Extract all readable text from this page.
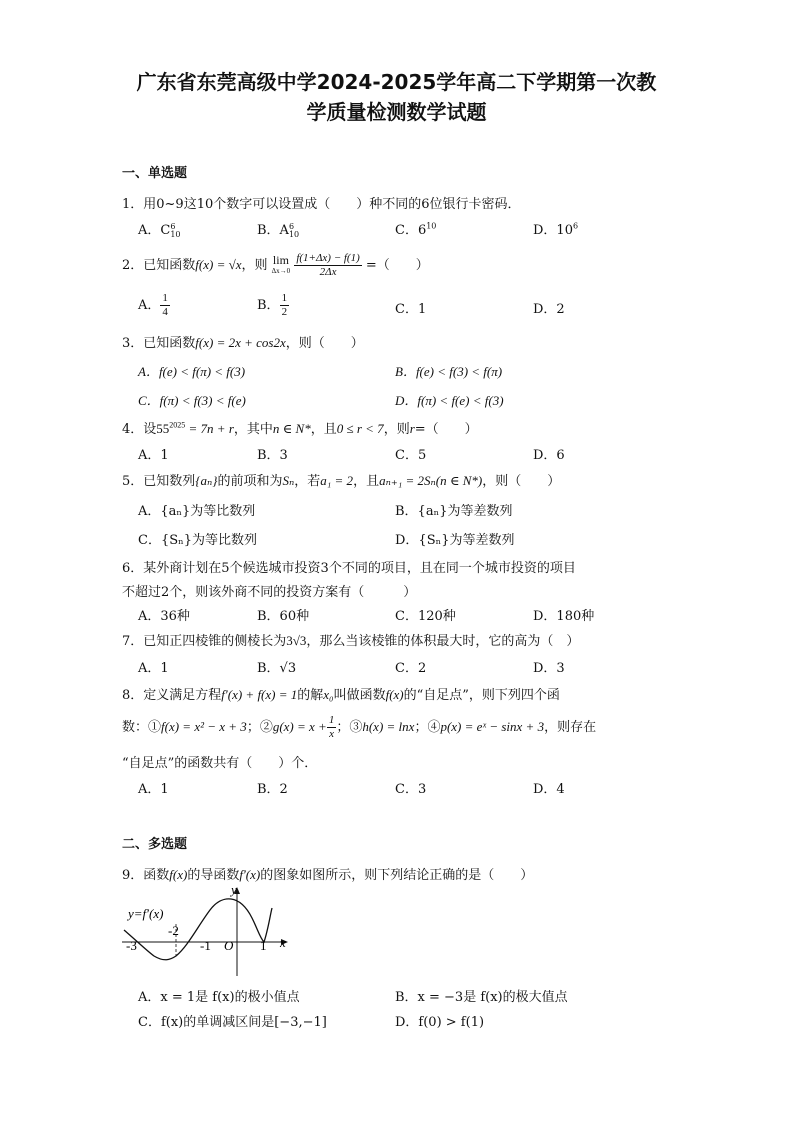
广东省东莞高级中学2024-2025学年高二下学期第一次教
学质量检测数学试题
一、单选题
1．用0~9这10个数字可以设置成（　　）种不同的6位银行卡密码．
A．C 6
10	B．A 6
10	C．$6^{10}$	D．$10^6$
2．已知函数f(x) = √x，则 lim
Δx→0
$\frac{f(1+\Delta x) - f(1)}{2\Delta x}$ =（　　）
A． $\frac{1}{4}$	B． $\frac{1}{2}$	C．1	D．2
3．已知函数f(x) = 2x + cos2x，则（　　）
A．f(e) < f(π) < f(3)	B．f(e) < f(3) < f(π)
C．f(π) < f(3) < f(e)	D．f(π) < f(e) < f(3)
4．设$55^{2025} = 7n + r$，其中n ∈ N*，且0 ≤ r < 7，则r=（　　）
A．1	B．3	C．5	D．6
5．已知数列{aₙ}的前项和为Sₙ，若a₁ = 2，且aₙ₊₁ = 2Sₙ(n ∈ N*)，则（　　）
A．{aₙ}为等比数列	B．{aₙ}为等差数列
C．{Sₙ}为等比数列	D．{Sₙ}为等差数列
6．某外商计划在5个候选城市投资3个不同的项目，且在同一个城市投资的项目
不超过2个，则该外商不同的投资方案有（　　　）
A．36种	B．60种	C．120种	D．180种
7．已知正四棱锥的侧棱长为3√3，那么当该棱锥的体积最大时，它的高为（　）
A．1	B．√3	C．2	D．3
8．定义满足方程f′(x) + f(x) = 1的解x₀叫做函数f(x)的“自足点”，则下列四个函
数：①f(x) = x² − x + 3；②g(x) = $x + \frac{1}{x}$ ；③h(x) = lnx；④p(x) = eˣ − sinx + 3，则存在
“自足点”的函数共有（　　）个．
A．1	B．2	C．3	D．4
二、多选题
9．函数f(x)的导函数f′(x)的图象如图所示，则下列结论正确的是（　　）
y=f′(x)
y
x
O
-3
-2
-1	1
A．x = 1是 f(x)的极小值点	B．x = −3是 f(x)的极大值点
C．f(x)的单调减区间是[−3,−1]	D．f(0) > f(1)
